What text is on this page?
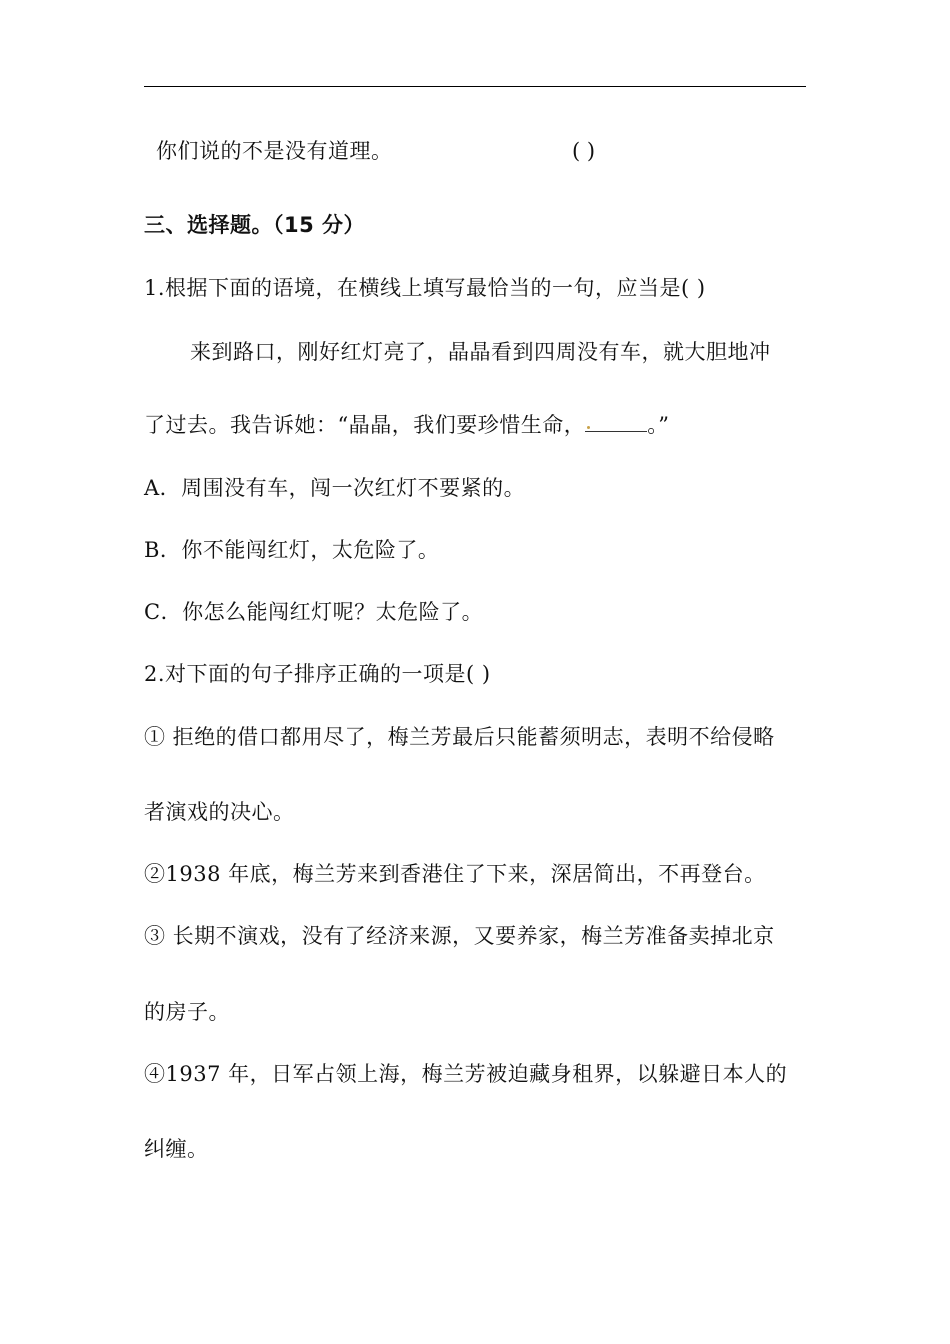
你们说的不是没有道理。	( )
三、选择题。（15 分）
1.根据下面的语境，在横线上填写最恰当的一句，应当是( )
来到路口，刚好红灯亮了，晶晶看到四周没有车，就大胆地冲
了过去。我告诉她：“晶晶，我们要珍惜生命，	。”
A．周围没有车，闯一次红灯不要紧的。
B．你不能闯红灯，太危险了。
C．你怎么能闯红灯呢？太危险了。
2.对下面的句子排序正确的一项是( )
① 拒绝的借口都用尽了，梅兰芳最后只能蓄须明志，表明不给侵略
者演戏的决心。
②1938 年底，梅兰芳来到香港住了下来，深居简出，不再登台。
③ 长期不演戏，没有了经济来源，又要养家，梅兰芳准备卖掉北京
的房子。
④1937 年，日军占领上海，梅兰芳被迫藏身租界，以躲避日本人的
纠缠。
